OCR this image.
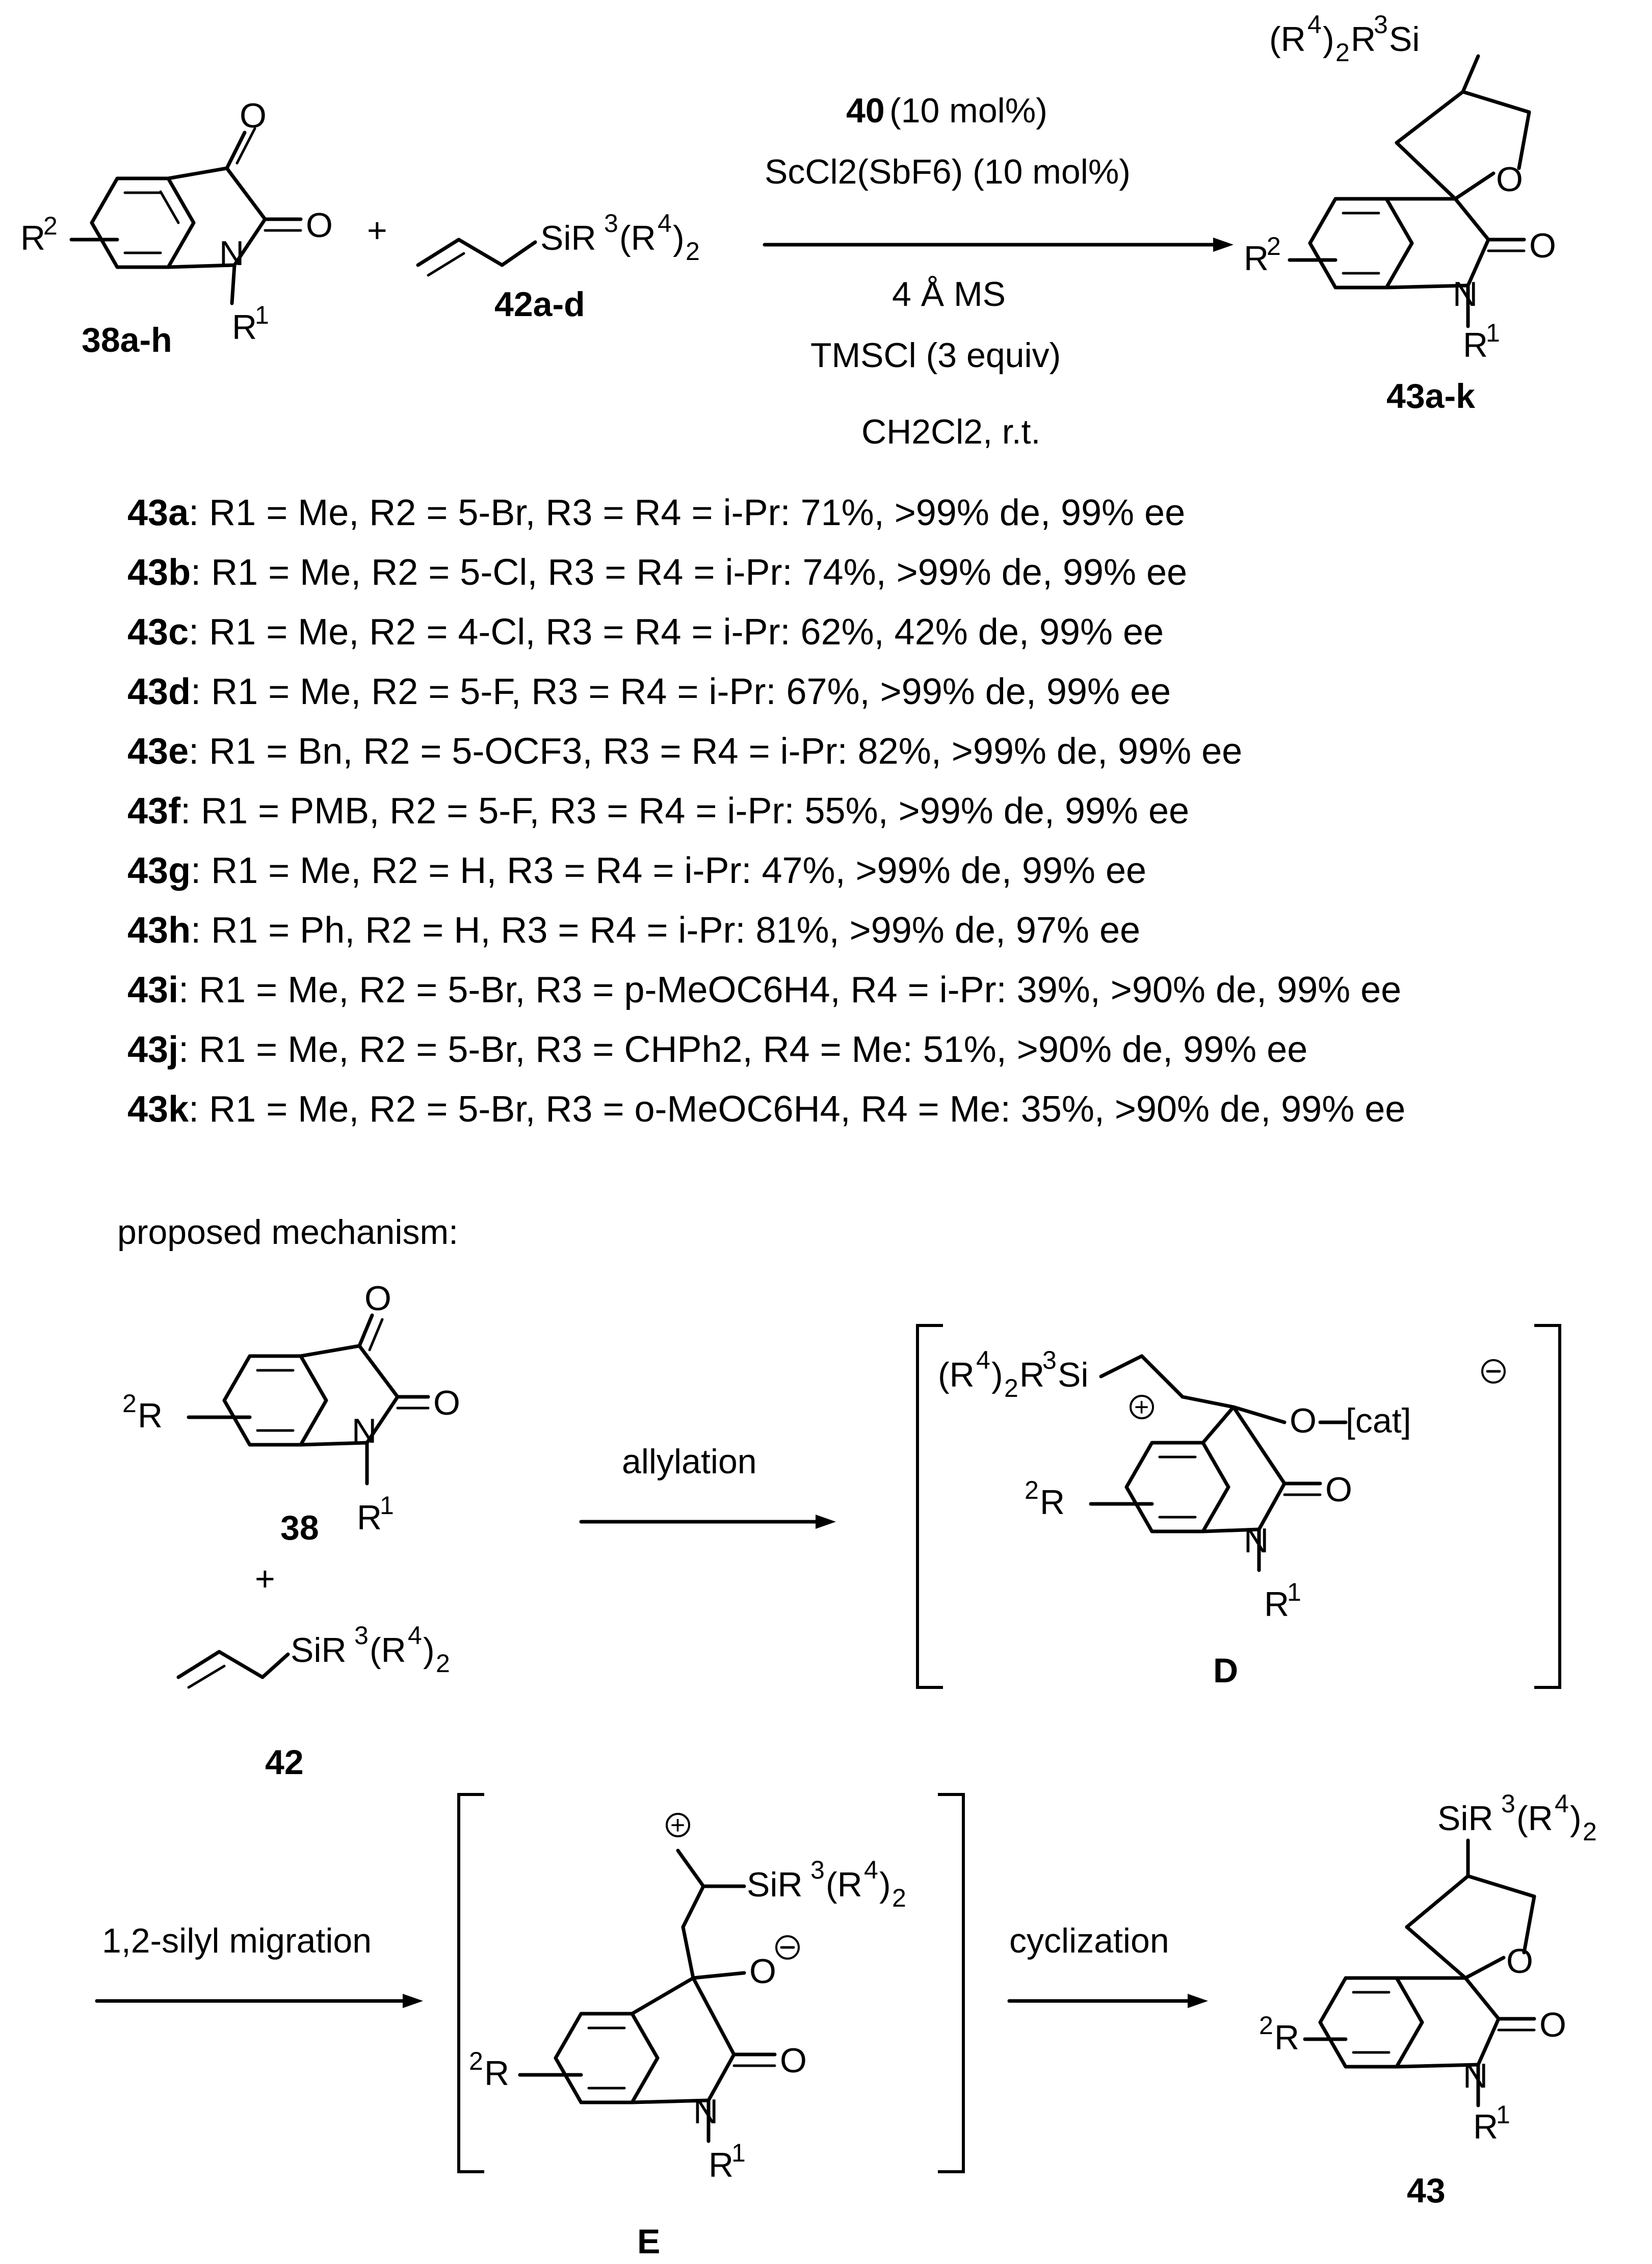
O
O
N
R
2
R
1
38a-h
+	SiR 3 (R 4 ) 2
42a-d
40 (10 mol%)
ScCl2(SbF6) (10 mol%)
4 Å MS
TMSCl (3 equiv)
CH2Cl2, r.t.
O
O
N
R
1
R
2
(R 4 ) 2 R
3 Si
43a-k
43a: R1 = Me, R2 = 5-Br, R3 = R4 = i-Pr: 71%, >99% de, 99% ee
43b: R1 = Me, R2 = 5-Cl, R3 = R4 = i-Pr: 74%, >99% de, 99% ee
43c: R1 = Me, R2 = 4-Cl, R3 = R4 = i-Pr: 62%, 42% de, 99% ee
43d: R1 = Me, R2 = 5-F, R3 = R4 = i-Pr: 67%, >99% de, 99% ee
43e: R1 = Bn, R2 = 5-OCF3, R3 = R4 = i-Pr: 82%, >99% de, 99% ee
43f: R1 = PMB, R2 = 5-F, R3 = R4 = i-Pr: 55%, >99% de, 99% ee
43g: R1 = Me, R2 = H, R3 = R4 = i-Pr: 47%, >99% de, 99% ee
43h: R1 = Ph, R2 = H, R3 = R4 = i-Pr: 81%, >99% de, 97% ee
43i: R1 = Me, R2 = 5-Br, R3 = p-MeOC6H4, R4 = i-Pr: 39%, >90% de, 99% ee
43j: R1 = Me, R2 = 5-Br, R3 = CHPh2, R4 = Me: 51%, >90% de, 99% ee
43k: R1 = Me, R2 = 5-Br, R3 = o-MeOC6H4, R4 = Me: 35%, >90% de, 99% ee
proposed mechanism:
O
O
N
R
1
2 R
38
+
SiR 3 (R 4 ) 2
42
allylation
(R 4 ) 2 R
3 Si
+	O [cat]
O
N
R
1
2 R
D
1,2-silyl migration
+
SiR 3 (R 4 ) 2
O
O
N
R
1
2 R
E
cyclization
O
O
N
R
1
2 R
SiR 3 (R 4 ) 2
43
